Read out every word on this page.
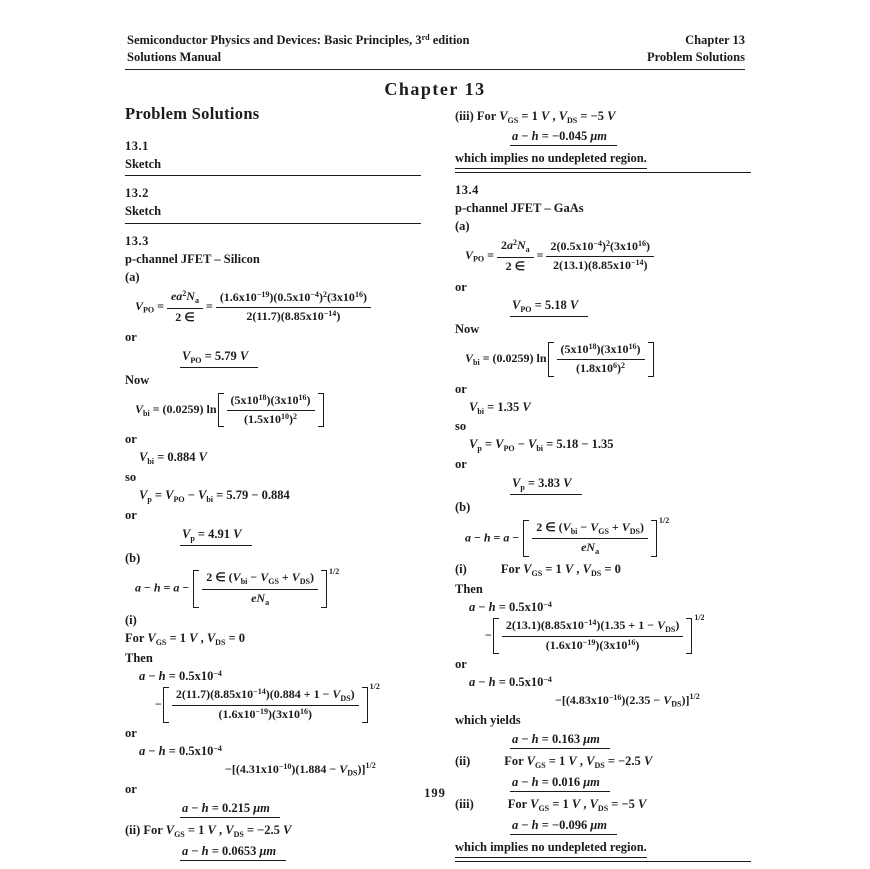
Semiconductor Physics and Devices: Basic Principles, 3rd edition
Solutions Manual
Chapter 13
Problem Solutions
Chapter 13
Problem Solutions
13.1
Sketch
13.2
Sketch
13.3
p-channel JFET – Silicon
(a)
$V_{PO} = \frac{ea^2N_a}{2 \in} = \frac{(1.6x10^{-19})(0.5x10^{-4})^2(3x10^{16})}{2(11.7)(8.85x10^{-14})}$
or
$V_{PO} = 5.79$ V
Now
$V_{bi} = (0.0259)$ ln
$(5x10^{18})(3x10^{16})$
$(1.5x10^{10})^2$
or
$V_{bi} = 0.884$ V
so
$V_p = V_{PO} - V_{bi} = 5.79 - 0.884$
or
$V_p = 4.91$ V
(b)
a − h = a −
2 ∈ $(V_{bi} - V_{GS} + V_{DS})$
$eN_a$
$^{1/2}$
(i)
For $V_{GS} = 1$ V , $V_{DS} = 0$
Then
$a - h = 0.5x10^{-4}$
−
$2(11.7)(8.85x10^{-14})(0.884 + 1 - V_{DS})$
$(1.6x10^{-19})(3x10^{16})$
$^{1/2}$
or
$a - h = 0.5x10^{-4}$
$-[(4.31x10^{-10})(1.884 - V_{DS})]^{1/2}$
or
a − h = 0.215 μm
(ii) For $V_{GS} = 1$ V , $V_{DS} = -2.5$ V
a − h = 0.0653 μm
(iii) For $V_{GS} = 1$ V , $V_{DS} = -5$ V
a − h = −0.045 μm
which implies no undepleted region.
13.4
p-channel JFET – GaAs
(a)
$V_{PO} = \frac{2a^2N_a}{2 \in} = \frac{2(0.5x10^{-4})^2(3x10^{16})}{2(13.1)(8.85x10^{-14})}$
or
$V_{PO} = 5.18$ V
Now
$V_{bi} = (0.0259)$ ln
$(5x10^{18})(3x10^{16})$
$(1.8x10^6)^2$
or
$V_{bi} = 1.35$ V
so
$V_p = V_{PO} - V_{bi} = 5.18 - 1.35$
or
$V_p = 3.83$ V
(b)
a − h = a −
2 ∈ $(V_{bi} - V_{GS} + V_{DS})$
$eN_a$
$^{1/2}$
(i)	For $V_{GS} = 1$ V , $V_{DS} = 0$
Then
$a - h = 0.5x10^{-4}$
−
$2(13.1)(8.85x10^{-14})(1.35 + 1 - V_{DS})$
$(1.6x10^{-19})(3x10^{16})$
$^{1/2}$
or
$a - h = 0.5x10^{-4}$
$-[(4.83x10^{-16})(2.35 - V_{DS})]^{1/2}$
which yields
a − h = 0.163 μm
(ii)	For $V_{GS} = 1$ V , $V_{DS} = -2.5$ V
a − h = 0.016 μm
(iii)	For $V_{GS} = 1$ V , $V_{DS} = -5$ V
a − h = −0.096 μm
which implies no undepleted region.
199
